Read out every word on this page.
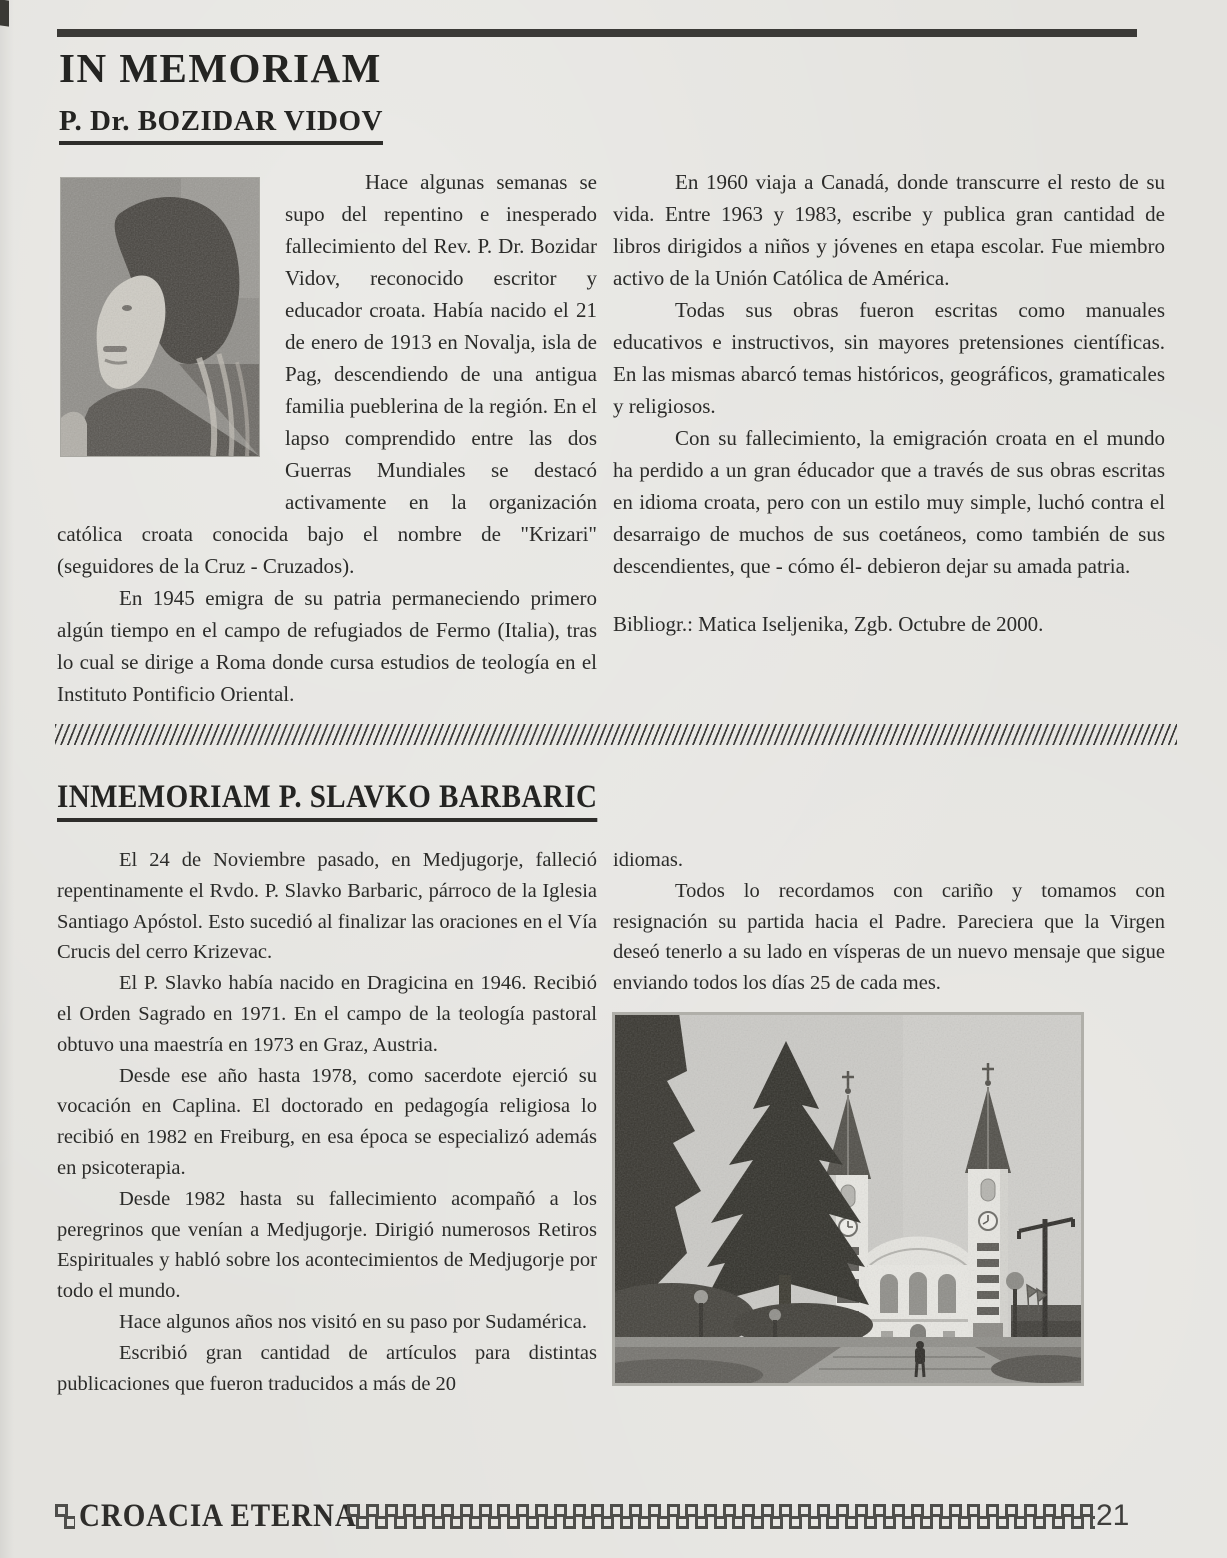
IN MEMORIAM
P. Dr. BOZIDAR VIDOV

Hace algunas semanas se supo del repentino e inesperado fallecimiento del Rev. P. Dr. Bozidar Vidov, reconocido escritor y educador croata. Había nacido el 21 de enero de 1913 en Novalja, isla de Pag, descendiendo de una antigua familia pueblerina de la región. En el lapso comprendido entre las dos Guerras Mundiales se destacó activamente en la organización católica croata conocida bajo el nombre de "Krizari" (seguidores de la Cruz - Cruzados).

En 1945 emigra de su patria permaneciendo primero algún tiempo en el campo de refugiados de Fermo (Italia), tras lo cual se dirige a Roma donde cursa estudios de teología en el Instituto Pontificio Oriental.

En 1960 viaja a Canadá, donde transcurre el resto de su vida. Entre 1963 y 1983, escribe y publica gran cantidad de libros dirigidos a niños y jóvenes en etapa escolar. Fue miembro activo de la Unión Católica de América.

Todas sus obras fueron escritas como manuales educativos e instructivos, sin mayores pretensiones científicas. En las mismas abarcó temas históricos, geográficos, gramaticales y religiosos.

Con su fallecimiento, la emigración croata en el mundo ha perdido a un gran éducador que a través de sus obras escritas en idioma croata, pero con un estilo muy simple, luchó contra el desarraigo de muchos de sus coetáneos, como también de sus descendientes, que - cómo él- debieron dejar su amada patria.

Bibliogr.: Matica Iseljenika, Zgb. Octubre de 2000.

INMEMORIAM P. SLAVKO BARBARIC

El 24 de Noviembre pasado, en Medjugorje, falleció repentinamente el Rvdo. P. Slavko Barbaric, párroco de la Iglesia Santiago Apóstol. Esto sucedió al finalizar las oraciones en el Vía Crucis del cerro Krizevac.

El P. Slavko había nacido en Dragicina en 1946. Recibió el Orden Sagrado en 1971. En el campo de la teología pastoral obtuvo una maestría en 1973 en Graz, Austria.

Desde ese año hasta 1978, como sacerdote ejerció su vocación en Caplina. El doctorado en pedagogía religiosa lo recibió en 1982 en Freiburg, en esa época se especializó además en psicoterapia.

Desde 1982 hasta su fallecimiento acompañó a los peregrinos que venían a Medjugorje. Dirigió numerosos Retiros Espirituales y habló sobre los acontecimientos de Medjugorje por todo el mundo.

Hace algunos años nos visitó en su paso por Sudamérica.

Escribió gran cantidad de artículos para distintas publicaciones que fueron traducidos a más de 20

idiomas.

Todos lo recordamos con cariño y tomamos con resignación su partida hacia el Padre. Pareciera que la Virgen deseó tenerlo a su lado en vísperas de un nuevo mensaje que sigue enviando todos los días 25 de cada mes.

CROACIA ETERNA	21
